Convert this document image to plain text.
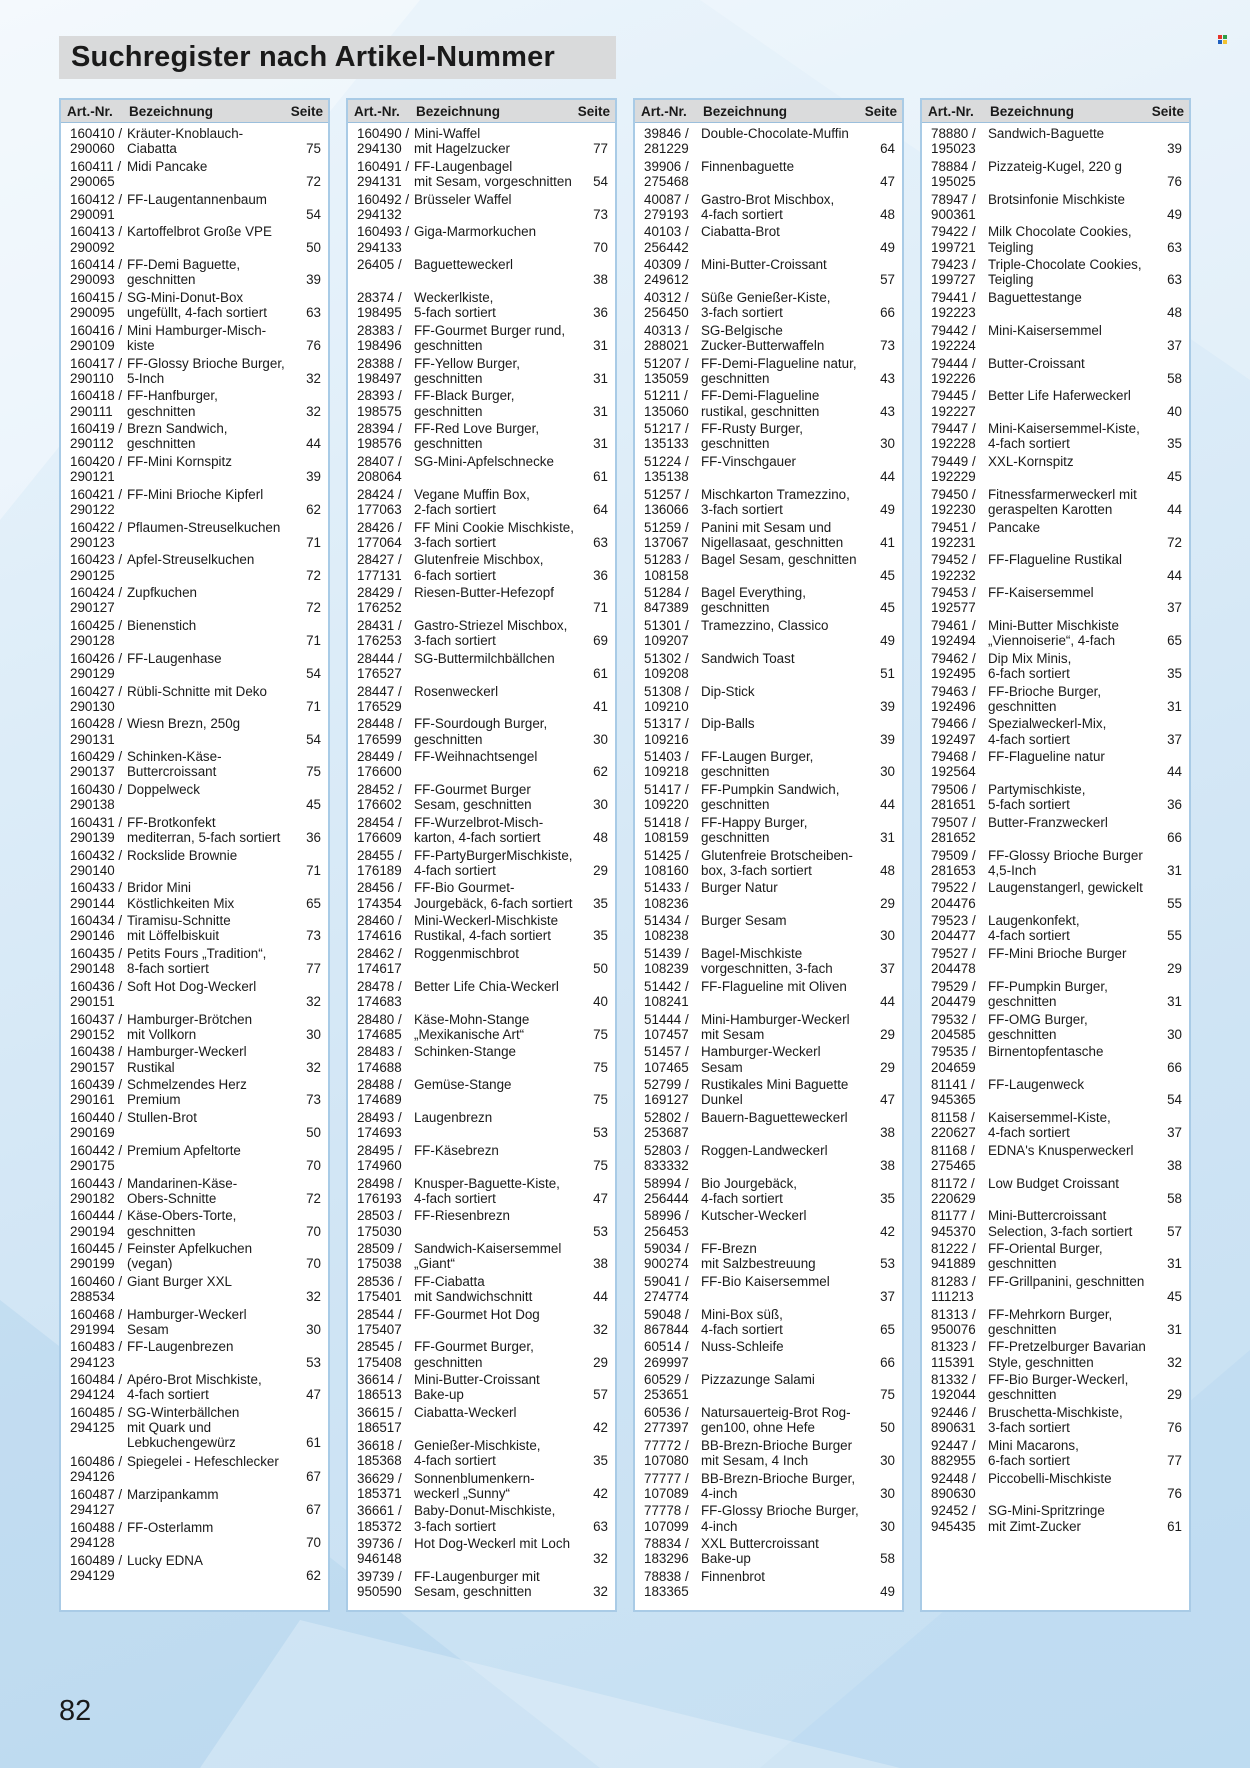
Suchregister nach Artikel-Nummer
Art.-Nr.	Bezeichnung	Seite
160410 / Kräuter-Knoblauch-
290060 Ciabatta	75
160411 / Midi Pancake
290065	72
160412 / FF-Laugentannenbaum
290091	54
160413 / Kartoffelbrot Große VPE
290092	50
160414 / FF-Demi Baguette,
290093 geschnitten	39
160415 / SG-Mini-Donut-Box
290095 ungefüllt, 4-fach sortiert	63
160416 / Mini Hamburger-Misch-
290109 kiste	76
160417 / FF-Glossy Brioche Burger,
290110 5-Inch	32
160418 / FF-Hanfburger,
290111	geschnitten	32
160419 / Brezn Sandwich,
290112 geschnitten	44
160420 / FF-Mini Kornspitz
290121	39
160421 / FF-Mini Brioche Kipferl
290122	62
160422 / Pflaumen-Streuselkuchen
290123	71
160423 / Apfel-Streuselkuchen
290125	72
160424 / Zupfkuchen
290127	72
160425 / Bienenstich
290128	71
160426 / FF-Laugenhase
290129	54
160427 / Rübli-Schnitte mit Deko
290130	71
160428 / Wiesn Brezn, 250g
290131	54
160429 / Schinken-Käse-
290137 Buttercroissant	75
160430 / Doppelweck
290138	45
160431 / FF-Brotkonfekt
290139 mediterran, 5-fach sortiert	36
160432 / Rockslide Brownie
290140	71
160433 / Bridor Mini
290144 Köstlichkeiten Mix	65
160434 / Tiramisu-Schnitte
290146 mit Löffelbiskuit	73
160435 / Petits Fours „Tradition“,
290148 8-fach sortiert	77
160436 / Soft Hot Dog-Weckerl
290151	32
160437 / Hamburger-Brötchen
290152 mit Vollkorn	30
160438 / Hamburger-Weckerl
290157 Rustikal	32
160439 / Schmelzendes Herz
290161 Premium	73
160440 / Stullen-Brot
290169	50
160442 / Premium Apfeltorte
290175	70
160443 / Mandarinen-Käse-
290182 Obers-Schnitte	72
160444 / Käse-Obers-Torte,
290194 geschnitten	70
160445 / Feinster Apfelkuchen
290199 (vegan)	70
160460 / Giant Burger XXL
288534	32
160468 / Hamburger-Weckerl
291994 Sesam	30
160483 / FF-Laugenbrezen
294123	53
160484 / Apéro-Brot Mischkiste,
294124 4-fach sortiert	47
160485 / SG-Winterbällchen
294125 mit Quark und
Lebkuchengewürz	61
160486 / Spiegelei - Hefeschlecker
294126	67
160487 / Marzipankamm
294127	67
160488 / FF-Osterlamm
294128	70
160489 / Lucky EDNA
294129	62
Art.-Nr.	Bezeichnung	Seite
160490 / Mini-Waffel
294130 mit Hagelzucker	77
160491 / FF-Laugenbagel
294131 mit Sesam, vorgeschnitten	54
160492 / Brüsseler Waffel
294132	73
160493 / Giga-Marmorkuchen
294133	70
26405 / Baguetteweckerl
38
28374 / Weckerlkiste,
198495 5-fach sortiert	36
28383 / FF-Gourmet Burger rund,
198496 geschnitten	31
28388 / FF-Yellow Burger,
198497 geschnitten	31
28393 / FF-Black Burger,
198575 geschnitten	31
28394 / FF-Red Love Burger,
198576 geschnitten	31
28407 / SG-Mini-Apfelschnecke
208064	61
28424 / Vegane Muffin Box,
177063 2-fach sortiert	64
28426 / FF Mini Cookie Mischkiste,
177064 3-fach sortiert	63
28427 / Glutenfreie Mischbox,
177131 6-fach sortiert	36
28429 / Riesen-Butter-Hefezopf
176252	71
28431 / Gastro-Striezel Mischbox,
176253 3-fach sortiert	69
28444 / SG-Buttermilchbällchen
176527	61
28447 / Rosenweckerl
176529	41
28448 / FF-Sourdough Burger,
176599 geschnitten	30
28449 / FF-Weihnachtsengel
176600	62
28452 / FF-Gourmet Burger
176602 Sesam, geschnitten	30
28454 / FF-Wurzelbrot-Misch-
176609 karton, 4-fach sortiert	48
28455 / FF-PartyBurgerMischkiste,
176189 4-fach sortiert	29
28456 / FF-Bio Gourmet-
174354 Jourgebäck, 6-fach sortiert	35
28460 / Mini-Weckerl-Mischkiste
174616 Rustikal, 4-fach sortiert	35
28462 / Roggenmischbrot
174617	50
28478 / Better Life Chia-Weckerl
174683	40
28480 / Käse-Mohn-Stange
174685 „Mexikanische Art“	75
28483 / Schinken-Stange
174688	75
28488 / Gemüse-Stange
174689	75
28493 / Laugenbrezn
174693	53
28495 / FF-Käsebrezn
174960	75
28498 / Knusper-Baguette-Kiste,
176193 4-fach sortiert	47
28503 / FF-Riesenbrezn
175030	53
28509 / Sandwich-Kaisersemmel
175038 „Giant“	38
28536 / FF-Ciabatta
175401 mit Sandwichschnitt	44
28544 / FF-Gourmet Hot Dog
175407	32
28545 / FF-Gourmet Burger,
175408 geschnitten	29
36614 / Mini-Butter-Croissant
186513 Bake-up	57
36615 / Ciabatta-Weckerl
186517	42
36618 / Genießer-Mischkiste,
185368 4-fach sortiert	35
36629 / Sonnenblumenkern-
185371 weckerl „Sunny“	42
36661 / Baby-Donut-Mischkiste,
185372 3-fach sortiert	63
39736 / Hot Dog-Weckerl mit Loch
946148	32
39739 / FF-Laugenburger mit
950590 Sesam, geschnitten	32
Art.-Nr.	Bezeichnung	Seite
39846 / Double-Chocolate-Muffin
281229	64
39906 / Finnenbaguette
275468	47
40087 / Gastro-Brot Mischbox,
279193 4-fach sortiert	48
40103 / Ciabatta-Brot
256442	49
40309 / Mini-Butter-Croissant
249612	57
40312 / Süße Genießer-Kiste,
256450 3-fach sortiert	66
40313 / SG-Belgische
288021 Zucker-Butterwaffeln	73
51207 / FF-Demi-Flagueline natur,
135059 geschnitten	43
51211 / FF-Demi-Flagueline
135060 rustikal, geschnitten	43
51217 / FF-Rusty Burger,
135133 geschnitten	30
51224 / FF-Vinschgauer
135138	44
51257 / Mischkarton Tramezzino,
136066 3-fach sortiert	49
51259 / Panini mit Sesam und
137067 Nigellasaat, geschnitten	41
51283 / Bagel Sesam, geschnitten
108158	45
51284 / Bagel Everything,
847389 geschnitten	45
51301 / Tramezzino, Classico
109207	49
51302 / Sandwich Toast
109208	51
51308 / Dip-Stick
109210	39
51317 / Dip-Balls
109216	39
51403 / FF-Laugen Burger,
109218 geschnitten	30
51417 / FF-Pumpkin Sandwich,
109220 geschnitten	44
51418 / FF-Happy Burger,
108159 geschnitten	31
51425 / Glutenfreie Brotscheiben-
108160 box, 3-fach sortiert	48
51433 / Burger Natur
108236	29
51434 / Burger Sesam
108238	30
51439 / Bagel-Mischkiste
108239 vorgeschnitten, 3-fach	37
51442 / FF-Flagueline mit Oliven
108241	44
51444 / Mini-Hamburger-Weckerl
107457 mit Sesam	29
51457 / Hamburger-Weckerl
107465 Sesam	29
52799 / Rustikales Mini Baguette
169127 Dunkel	47
52802 / Bauern-Baguetteweckerl
253687	38
52803 / Roggen-Landweckerl
833332	38
58994 / Bio Jourgebäck,
256444 4-fach sortiert	35
58996 / Kutscher-Weckerl
256453	42
59034 / FF-Brezn
900274 mit Salzbestreuung	53
59041 / FF-Bio Kaisersemmel
274774	37
59048 / Mini-Box süß,
867844 4-fach sortiert	65
60514 / Nuss-Schleife
269997	66
60529 / Pizzazunge Salami
253651	75
60536 / Natursauerteig-Brot Rog-
277397 gen100, ohne Hefe	50
77772 / BB-Brezn-Brioche Burger
107080 mit Sesam, 4 Inch	30
77777 / BB-Brezn-Brioche Burger,
107089 4-inch	30
77778 / FF-Glossy Brioche Burger,
107099 4-inch	30
78834 / XXL Buttercroissant
183296 Bake-up	58
78838 / Finnenbrot
183365	49
Art.-Nr.	Bezeichnung	Seite
78880 / Sandwich-Baguette
195023	39
78884 / Pizzateig-Kugel, 220 g
195025	76
78947 / Brotsinfonie Mischkiste
900361	49
79422 / Milk Chocolate Cookies,
199721 Teigling	63
79423 / Triple-Chocolate Cookies,
199727 Teigling	63
79441 / Baguettestange
192223	48
79442 / Mini-Kaisersemmel
192224	37
79444 / Butter-Croissant
192226	58
79445 / Better Life Haferweckerl
192227	40
79447 / Mini-Kaisersemmel-Kiste,
192228 4-fach sortiert	35
79449 / XXL-Kornspitz
192229	45
79450 / Fitnessfarmerweckerl mit
192230 geraspelten Karotten	44
79451 / Pancake
192231	72
79452 / FF-Flagueline Rustikal
192232	44
79453 / FF-Kaisersemmel
192577	37
79461 / Mini-Butter Mischkiste
192494 „Viennoiserie“, 4-fach	65
79462 / Dip Mix Minis,
192495 6-fach sortiert	35
79463 / FF-Brioche Burger,
192496 geschnitten	31
79466 / Spezialweckerl-Mix,
192497 4-fach sortiert	37
79468 / FF-Flagueline natur
192564	44
79506 / Partymischkiste,
281651 5-fach sortiert	36
79507 / Butter-Franzweckerl
281652	66
79509 / FF-Glossy Brioche Burger
281653 4,5-Inch	31
79522 / Laugenstangerl, gewickelt
204476	55
79523 / Laugenkonfekt,
204477 4-fach sortiert	55
79527 / FF-Mini Brioche Burger
204478	29
79529 / FF-Pumpkin Burger,
204479 geschnitten	31
79532 / FF-OMG Burger,
204585 geschnitten	30
79535 / Birnentopfentasche
204659	66
81141 / FF-Laugenweck
945365	54
81158 / Kaisersemmel-Kiste,
220627 4-fach sortiert	37
81168 / EDNA's Knusperweckerl
275465	38
81172 / Low Budget Croissant
220629	58
81177 / Mini-Buttercroissant
945370 Selection, 3-fach sortiert	57
81222 / FF-Oriental Burger,
941889 geschnitten	31
81283 / FF-Grillpanini, geschnitten
111213	45
81313 / FF-Mehrkorn Burger,
950076 geschnitten	31
81323 / FF-Pretzelburger Bavarian
115391 Style, geschnitten	32
81332 / FF-Bio Burger-Weckerl,
192044 geschnitten	29
92446 / Bruschetta-Mischkiste,
890631 3-fach sortiert	76
92447 / Mini Macarons,
882955 6-fach sortiert	77
92448 / Piccobelli-Mischkiste
890630	76
92452 / SG-Mini-Spritzringe
945435 mit Zimt-Zucker	61
82
